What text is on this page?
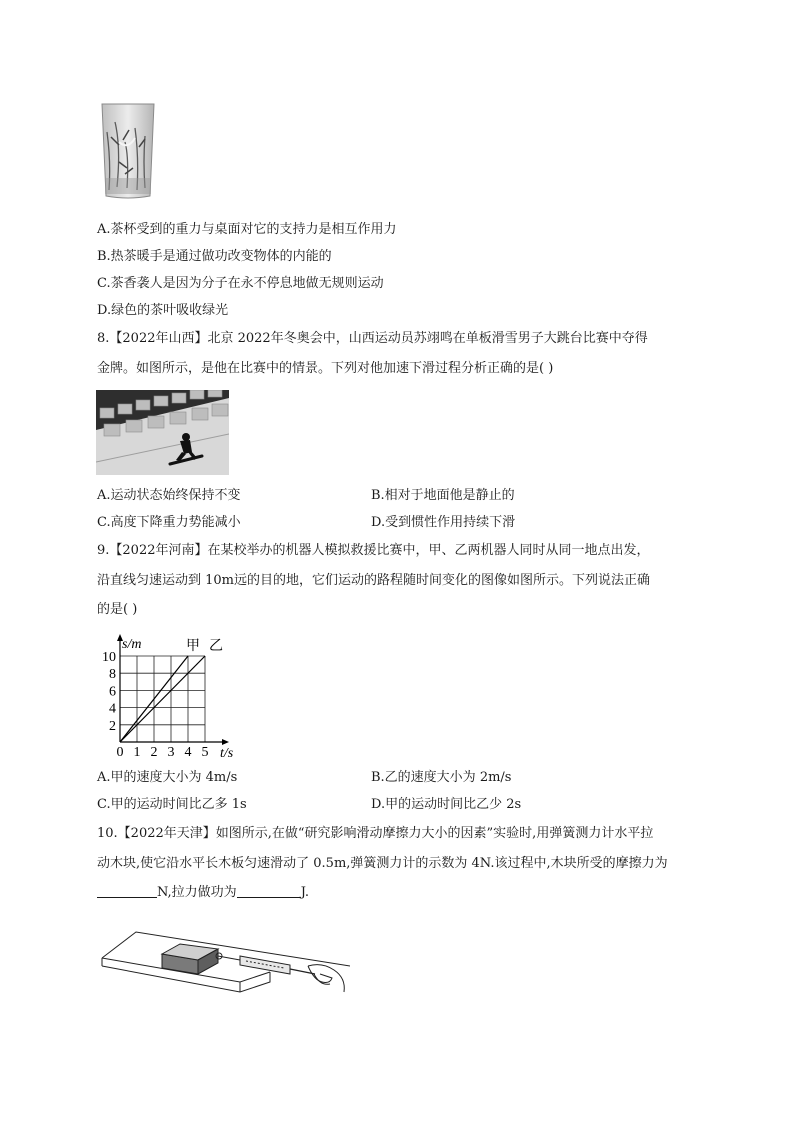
A.茶杯受到的重力与桌面对它的支持力是相互作用力
B.热茶暖手是通过做功改变物体的内能的
C.茶香袭人是因为分子在永不停息地做无规则运动
D.绿色的茶叶吸收绿光
8.【2022年山西】北京 2022年冬奥会中，山西运动员苏翊鸣在单板滑雪男子大跳台比赛中夺得
金牌。如图所示，是他在比赛中的情景。下列对他加速下滑过程分析正确的是( )
A.运动状态始终保持不变	B.相对于地面他是静止的
C.高度下降重力势能减小	D.受到惯性作用持续下滑
9.【2022年河南】在某校举办的机器人模拟救援比赛中，甲、乙两机器人同时从同一地点出发，
沿直线匀速运动到 10m远的目的地，它们运动的路程随时间变化的图像如图所示。下列说法正确
的是( )
0 1 2 3 4 5
2
4
6
8
10
t/s
s/m	甲 乙
A.甲的速度大小为 4m/s	B.乙的速度大小为 2m/s
C.甲的运动时间比乙多 1s	D.甲的运动时间比乙少 2s
10.【2022年天津】如图所示,在做“研究影响滑动摩擦力大小的因素”实验时,用弹簧测力计水平拉
动木块,使它沿水平长木板匀速滑动了 0.5m,弹簧测力计的示数为 4N.该过程中,木块所受的摩擦力为
N,拉力做功为	J.
